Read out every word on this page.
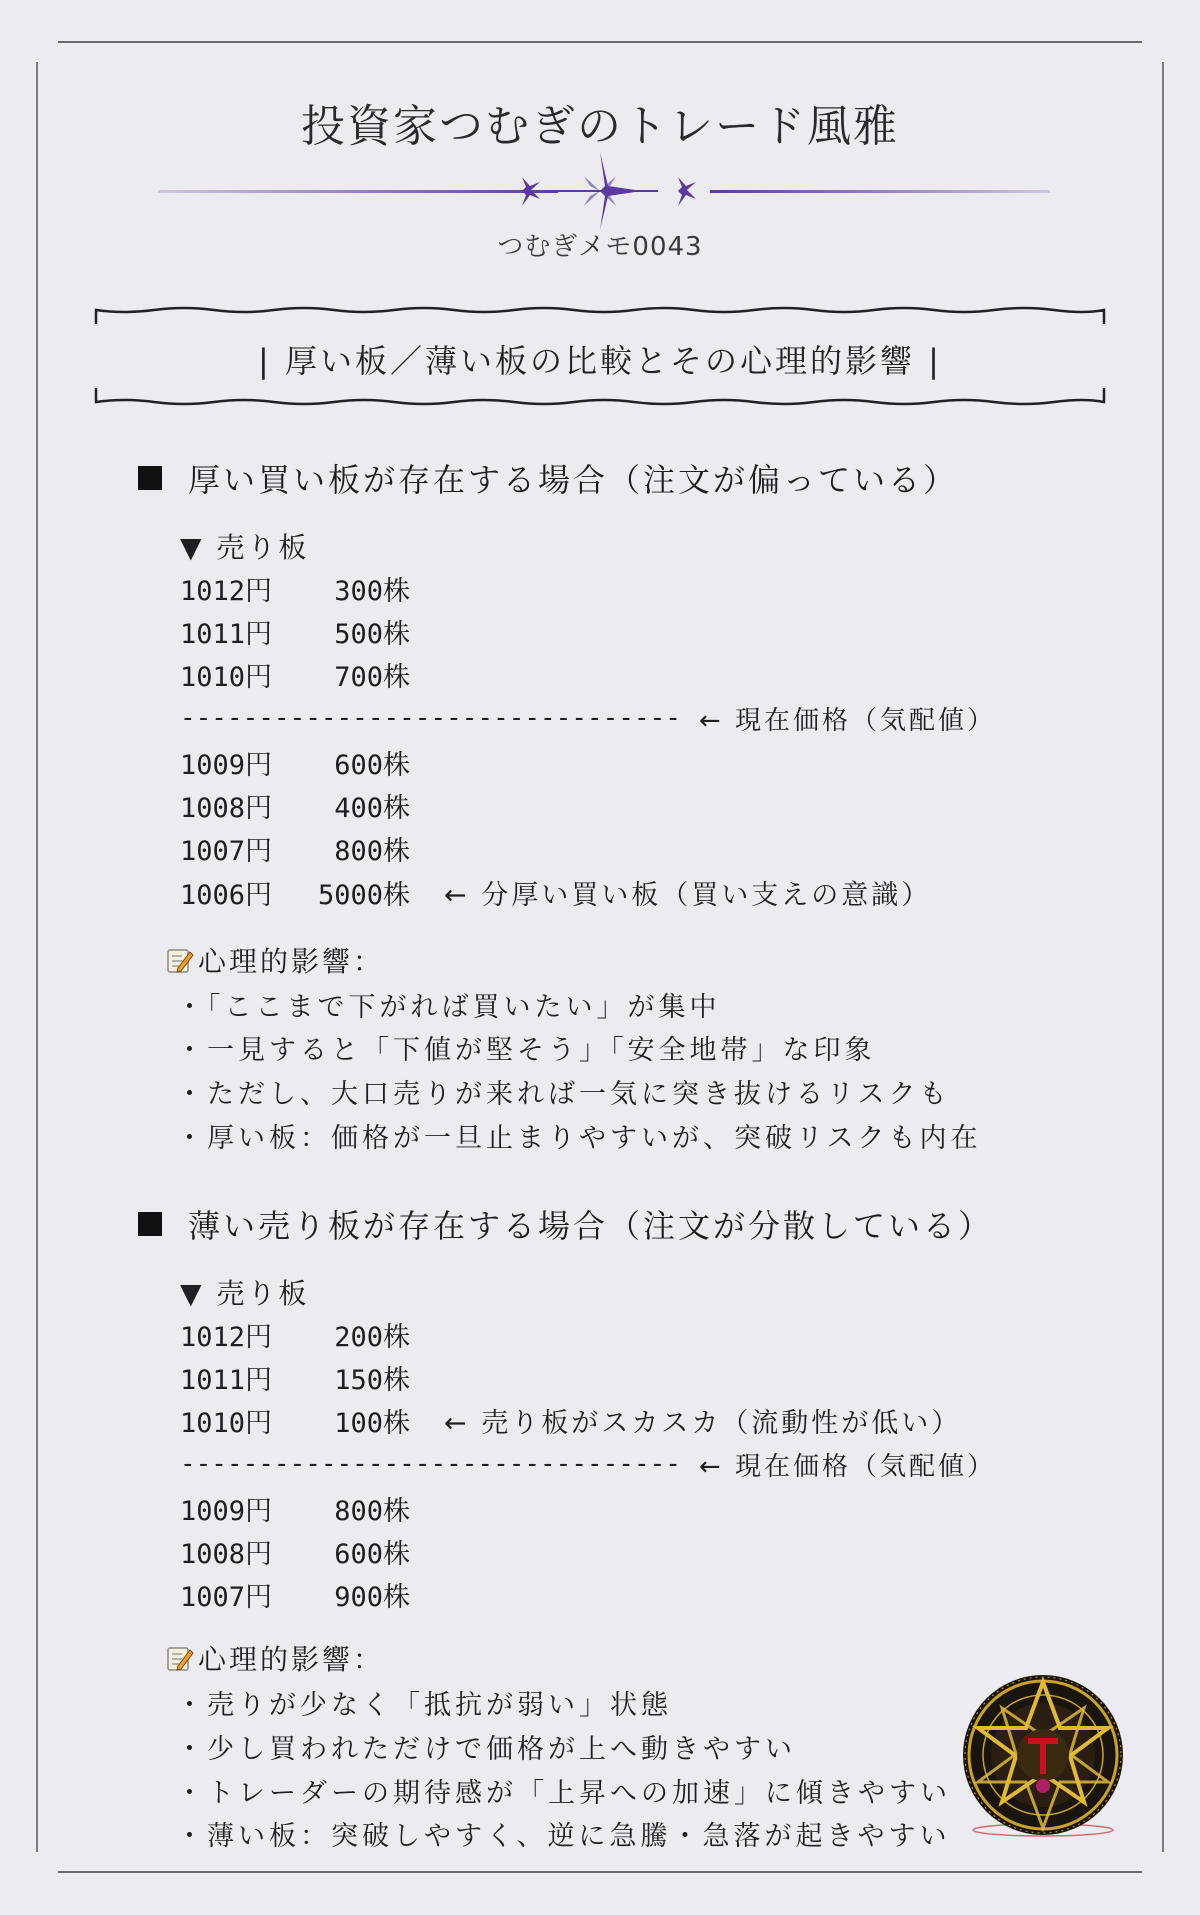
投資家つむぎのトレード風雅
つむぎメモ0043
| 厚い板／薄い板の比較とその心理的影響 |
厚い買い板が存在する場合（注文が偏っている）
▼ 売り板
1012円	300株
1011円	500株
1010円	700株
-------------------------------- ← 現在価格（気配値）
1009円	600株
1008円	400株
1007円	800株
1006円	5000株 ← 分厚い買い板（買い支えの意識）
心理的影響：
・「ここまで下がれば買いたい」が集中
・一見すると「下値が堅そう」「安全地帯」な印象
・ただし、大口売りが来れば一気に突き抜けるリスクも
・厚い板：価格が一旦止まりやすいが、突破リスクも内在
薄い売り板が存在する場合（注文が分散している）
▼ 売り板
1012円	200株
1011円	150株
1010円	100株 ← 売り板がスカスカ（流動性が低い）
-------------------------------- ← 現在価格（気配値）
1009円	800株
1008円	600株
1007円	900株
心理的影響：
・売りが少なく「抵抗が弱い」状態
・少し買われただけで価格が上へ動きやすい
・トレーダーの期待感が「上昇への加速」に傾きやすい
・薄い板：突破しやすく、逆に急騰・急落が起きやすい
